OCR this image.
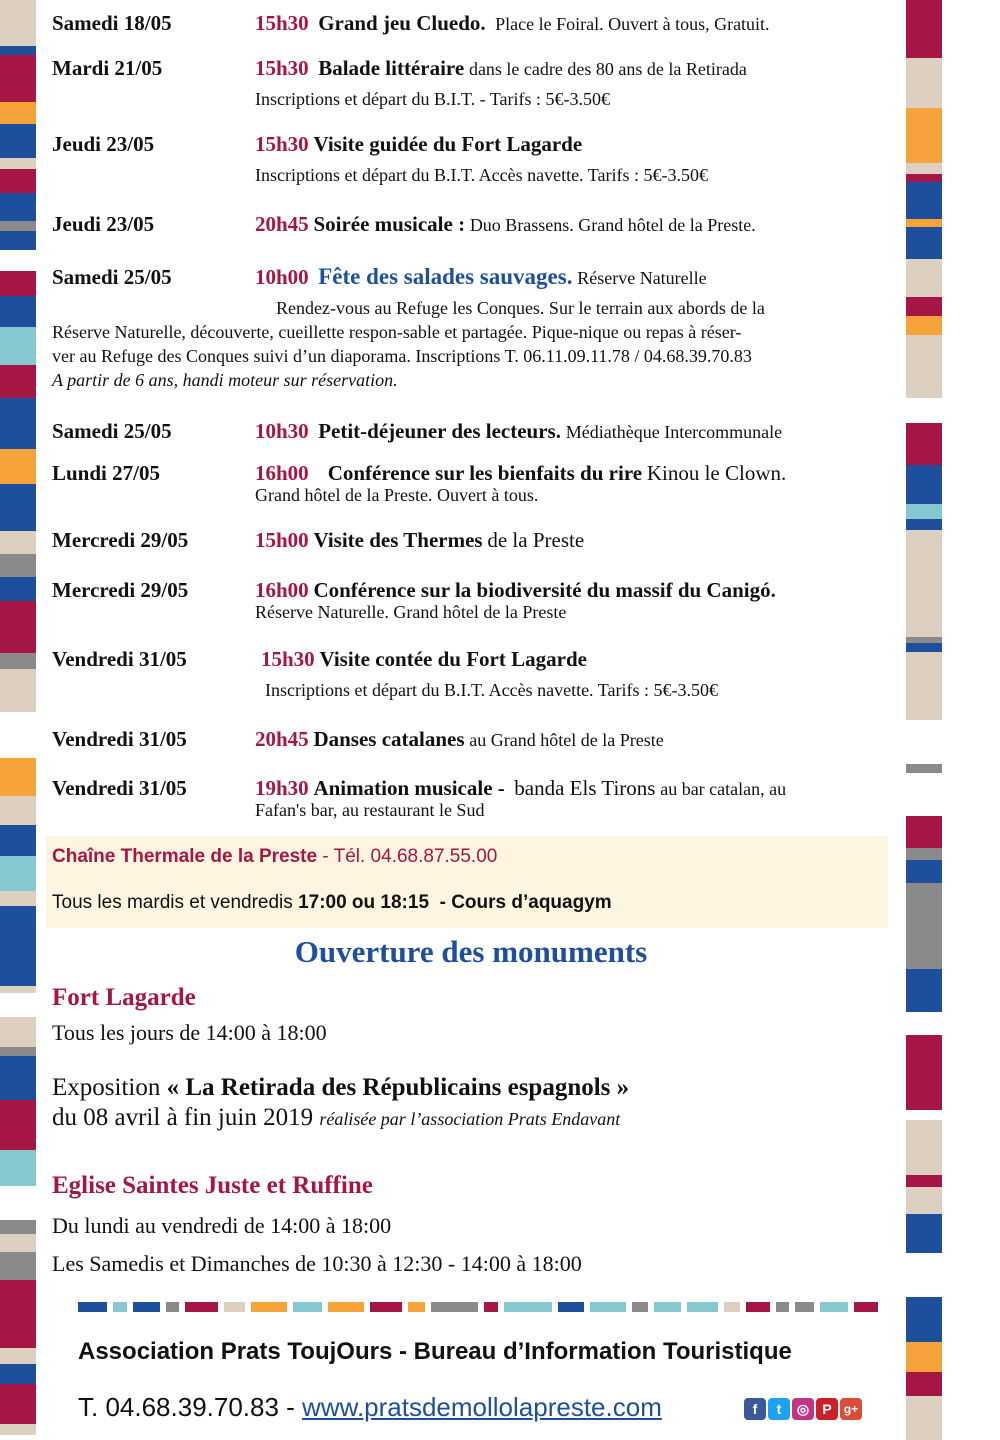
Samedi 18/05	15h30 Grand jeu Cluedo. Place le Foiral. Ouvert à tous, Gratuit.
Mardi 21/05	15h30 Balade littéraire dans le cadre des 80 ans de la Retirada
Inscriptions et départ du B.I.T. - Tarifs : 5€-3.50€
Jeudi 23/05	15h30 Visite guidée du Fort Lagarde
Inscriptions et départ du B.I.T. Accès navette. Tarifs : 5€-3.50€
Jeudi 23/05	20h45 Soirée musicale : Duo Brassens. Grand hôtel de la Preste.
Samedi 25/05	10h00 Fête des salades sauvages. Réserve Naturelle
Rendez-vous au Refuge les Conques. Sur le terrain aux abords de la
Réserve Naturelle, découverte, cueillette respon-sable et partagée. Pique-nique ou repas à réser-
ver au Refuge des Conques suivi d’un diaporama. Inscriptions T. 06.11.09.11.78 / 04.68.39.70.83
A partir de 6 ans, handi moteur sur réservation.
Samedi 25/05	10h30 Petit-déjeuner des lecteurs. Médiathèque Intercommunale
Lundi 27/05	16h00 Conférence sur les bienfaits du rire Kinou le Clown.
Grand hôtel de la Preste. Ouvert à tous.
Mercredi 29/05	15h00 Visite des Thermes de la Preste
Mercredi 29/05	16h00 Conférence sur la biodiversité du massif du Canigó.
Réserve Naturelle. Grand hôtel de la Preste
Vendredi 31/05	15h30 Visite contée du Fort Lagarde
Inscriptions et départ du B.I.T. Accès navette. Tarifs : 5€-3.50€
Vendredi 31/05	20h45 Danses catalanes au Grand hôtel de la Preste
Vendredi 31/05	19h30 Animation musicale - banda Els Tirons au bar catalan, au
Fafan's bar, au restaurant le Sud
Chaîne Thermale de la Preste - Tél. 04.68.87.55.00
Tous les mardis et vendredis 17:00 ou 18:15  - Cours d’aquagym
Ouverture des monuments
Fort Lagarde
Tous les jours de 14:00 à 18:00
Exposition « La Retirada des Républicains espagnols »
du 08 avril à fin juin 2019 réalisée par l’association Prats Endavant
Eglise Saintes Juste et Ruffine
Du lundi au vendredi de 14:00 à 18:00
Les Samedis et Dimanches de 10:30 à 12:30 - 14:00 à 18:00
Association Prats ToujOurs - Bureau d’Information Touristique
T. 04.68.39.70.83 - www.pratsdemollolapreste.com	f	t	◎ P	g+
